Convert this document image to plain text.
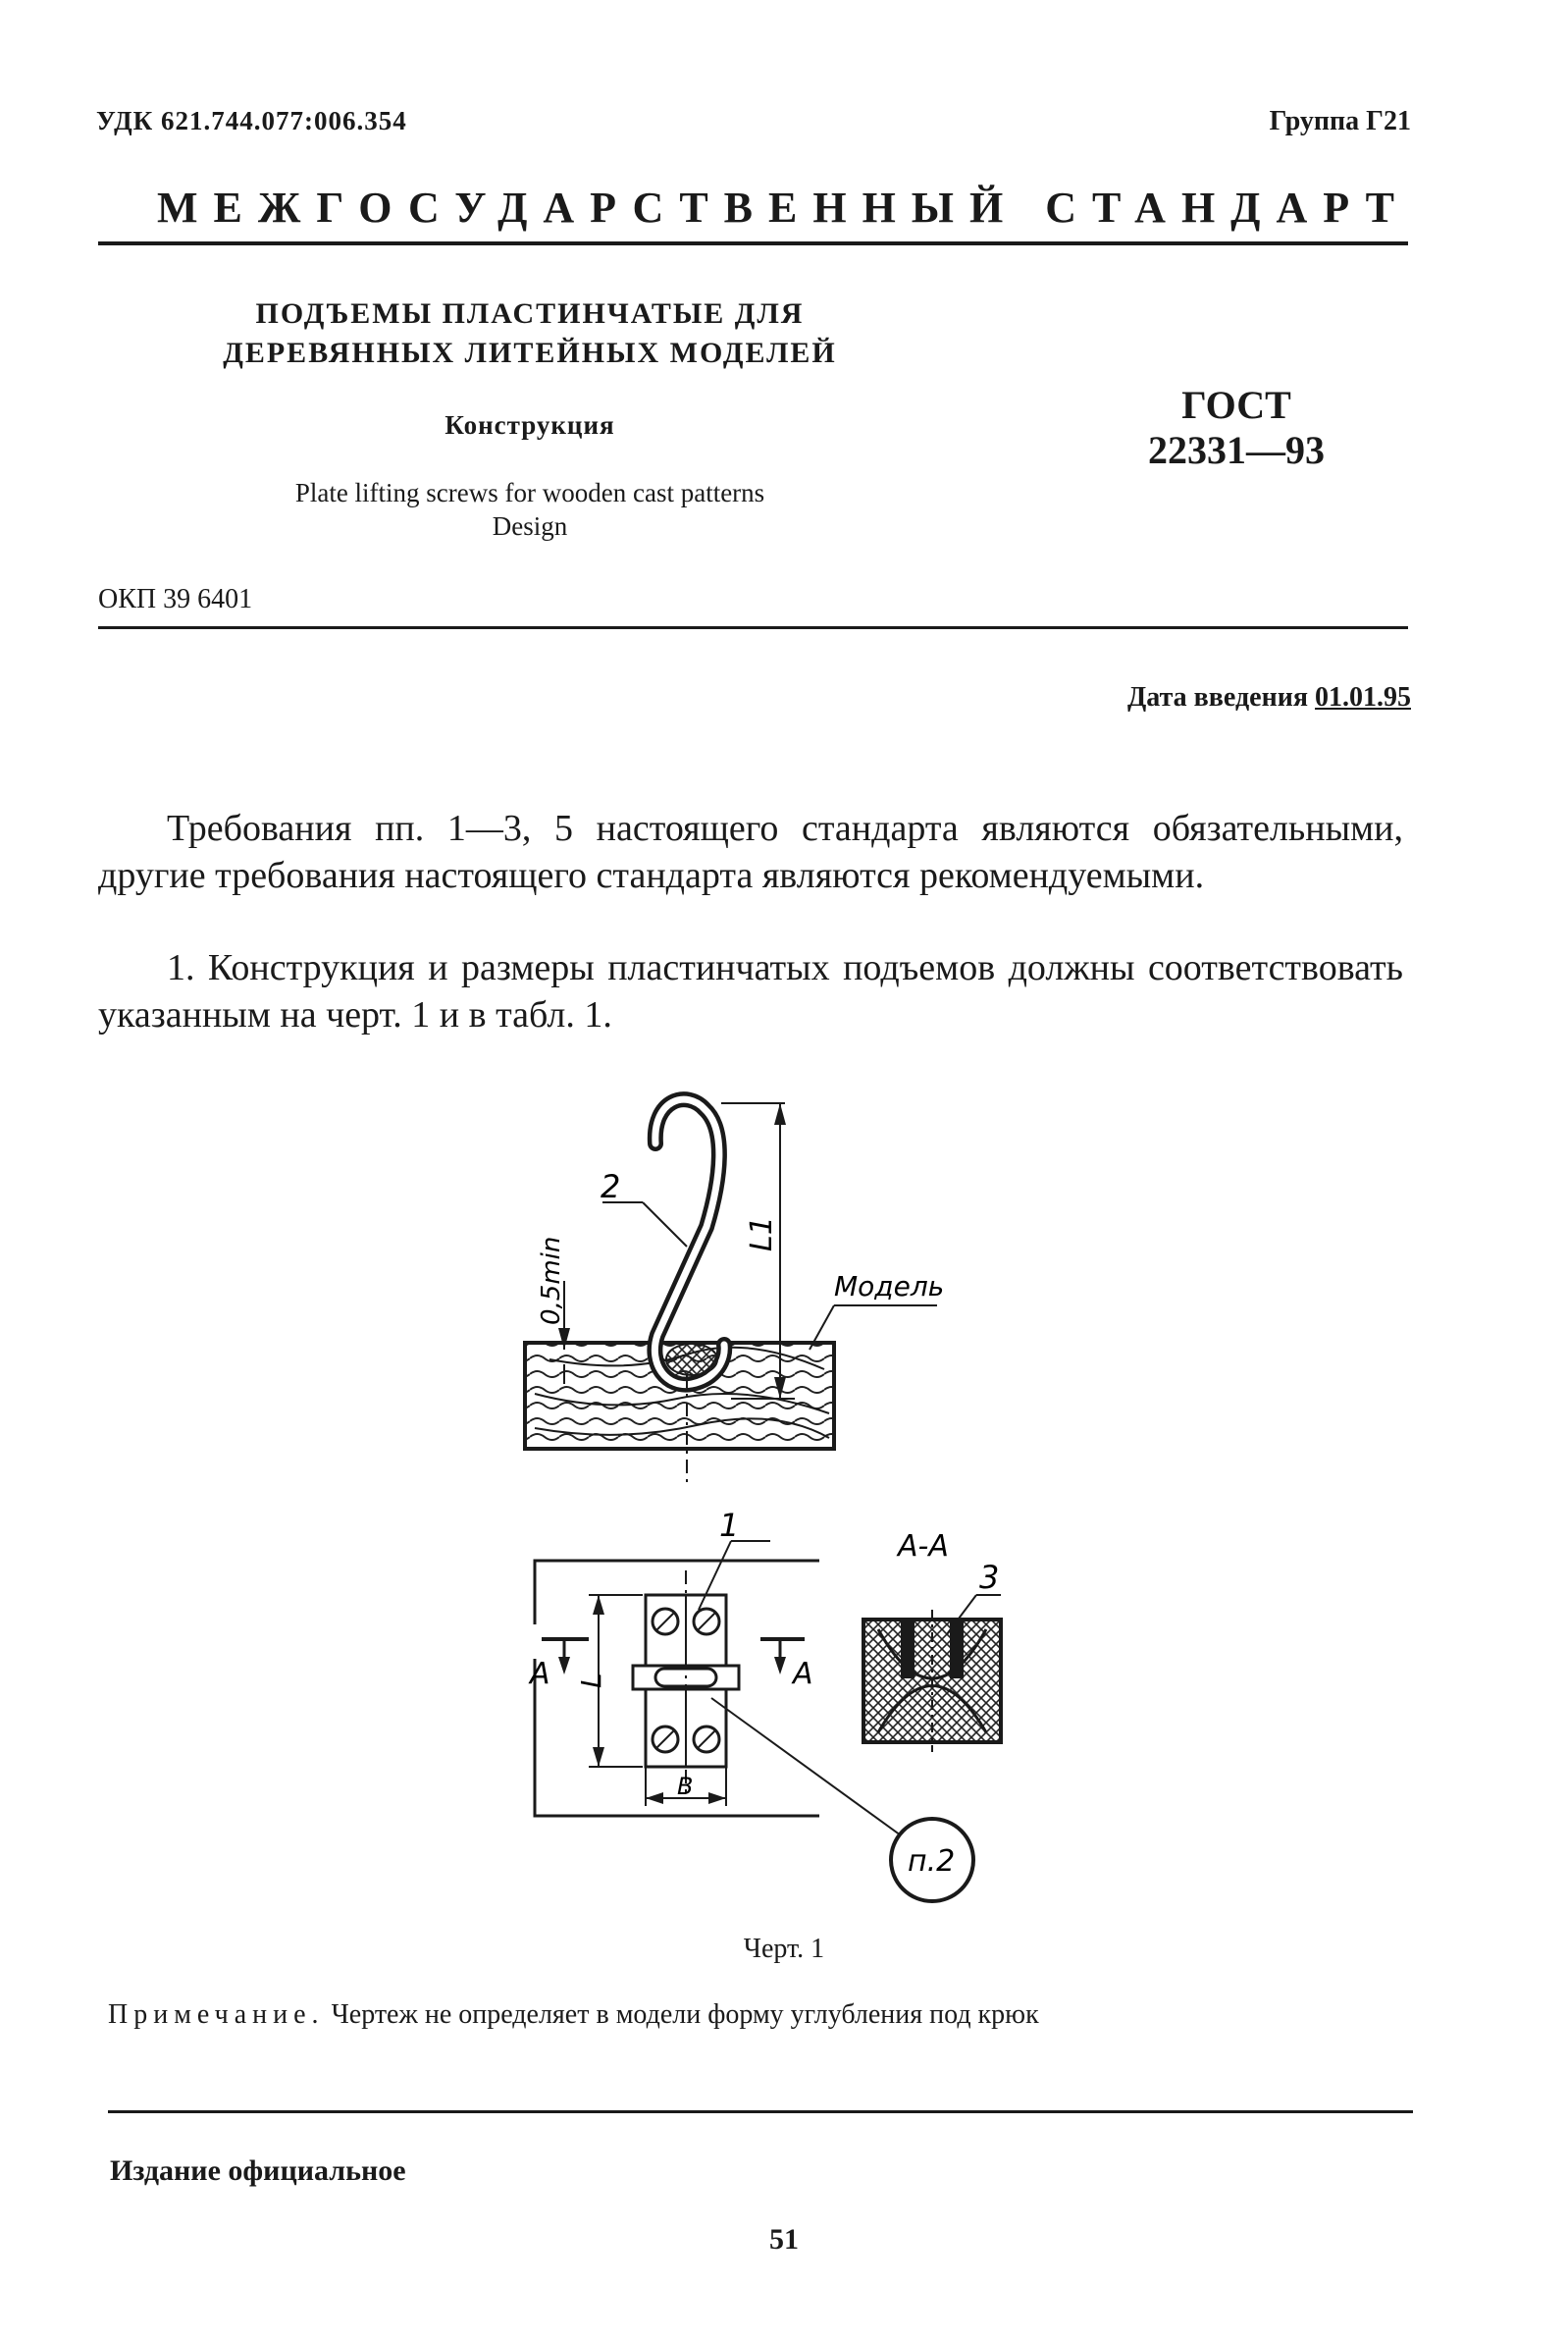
УДК 621.744.077:006.354	Группа Г21
МЕЖГОСУДАРСТВЕННЫЙ СТАНДАРТ
ПОДЪЕМЫ ПЛАСТИНЧАТЫЕ ДЛЯ
ДЕРЕВЯННЫХ ЛИТЕЙНЫХ МОДЕЛЕЙ
Конструкция
Plate lifting screws for wooden cast patterns
Design
ГОСТ
22331—93
ОКП 39 6401
Дата введения 01.01.95
Требования пп. 1—3, 5 настоящего стандарта являются обязательными, другие требования настоящего стандарта являются рекомендуемыми.
1. Конструкция и размеры пластинчатых подъемов должны соответствовать указанным на черт. 1 и в табл. 1.
L1
0,5min
2
Модель
1
А	А
L
В
п.2
А-А
3
Черт. 1
Примечание. Чертеж не определяет в модели форму углубления под крюк
Издание официальное
51
